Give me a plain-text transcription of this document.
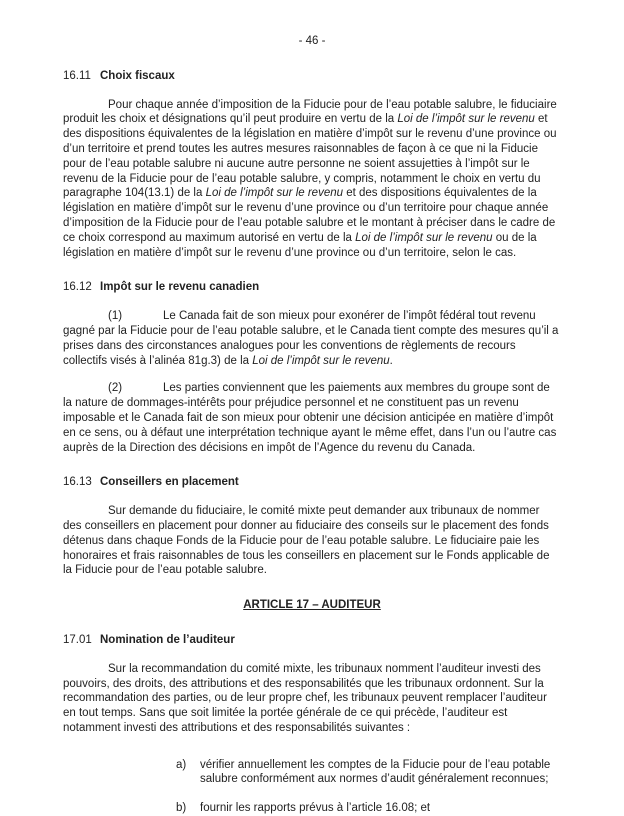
- 46 -
16.11 Choix fiscaux

Pour chaque année d’imposition de la Fiducie pour de l’eau potable salubre, le fiduciaire produit les choix et désignations qu’il peut produire en vertu de la Loi de l’impôt sur le revenu et des dispositions équivalentes de la législation en matière d’impôt sur le revenu d’une province ou d’un territoire et prend toutes les autres mesures raisonnables de façon à ce que ni la Fiducie pour de l’eau potable salubre ni aucune autre personne ne soient assujetties à l’impôt sur le revenu de la Fiducie pour de l’eau potable salubre, y compris, notamment le choix en vertu du paragraphe 104(13.1) de la Loi de l’impôt sur le revenu et des dispositions équivalentes de la législation en matière d’impôt sur le revenu d’une province ou d’un territoire pour chaque année d’imposition de la Fiducie pour de l’eau potable salubre et le montant à préciser dans le cadre de ce choix correspond au maximum autorisé en vertu de la Loi de l’impôt sur le revenu ou de la législation en matière d’impôt sur le revenu d’une province ou d’un territoire, selon le cas.

16.12 Impôt sur le revenu canadien

(1)	Le Canada fait de son mieux pour exonérer de l’impôt fédéral tout revenu gagné par la Fiducie pour de l’eau potable salubre, et le Canada tient compte des mesures qu’il a prises dans des circonstances analogues pour les conventions de règlements de recours collectifs visés à l’alinéa 81g.3) de la Loi de l’impôt sur le revenu.

(2)	Les parties conviennent que les paiements aux membres du groupe sont de la nature de dommages-intérêts pour préjudice personnel et ne constituent pas un revenu imposable et le Canada fait de son mieux pour obtenir une décision anticipée en matière d’impôt en ce sens, ou à défaut une interprétation technique ayant le même effet, dans l’un ou l’autre cas auprès de la Direction des décisions en impôt de l’Agence du revenu du Canada.

16.13 Conseillers en placement

Sur demande du fiduciaire, le comité mixte peut demander aux tribunaux de nommer des conseillers en placement pour donner au fiduciaire des conseils sur le placement des fonds détenus dans chaque Fonds de la Fiducie pour de l’eau potable salubre. Le fiduciaire paie les honoraires et frais raisonnables de tous les conseillers en placement sur le Fonds applicable de la Fiducie pour de l’eau potable salubre.

ARTICLE 17 – AUDITEUR
17.01 Nomination de l’auditeur

Sur la recommandation du comité mixte, les tribunaux nomment l’auditeur investi des pouvoirs, des droits, des attributions et des responsabilités que les tribunaux ordonnent. Sur la recommandation des parties, ou de leur propre chef, les tribunaux peuvent remplacer l’auditeur en tout temps. Sans que soit limitée la portée générale de ce qui précède, l’auditeur est notamment investi des attributions et des responsabilités suivantes :

a)	vérifier annuellement les comptes de la Fiducie pour de l’eau potable salubre conformément aux normes d’audit généralement reconnues;
b)	fournir les rapports prévus à l’article 16.08; et
